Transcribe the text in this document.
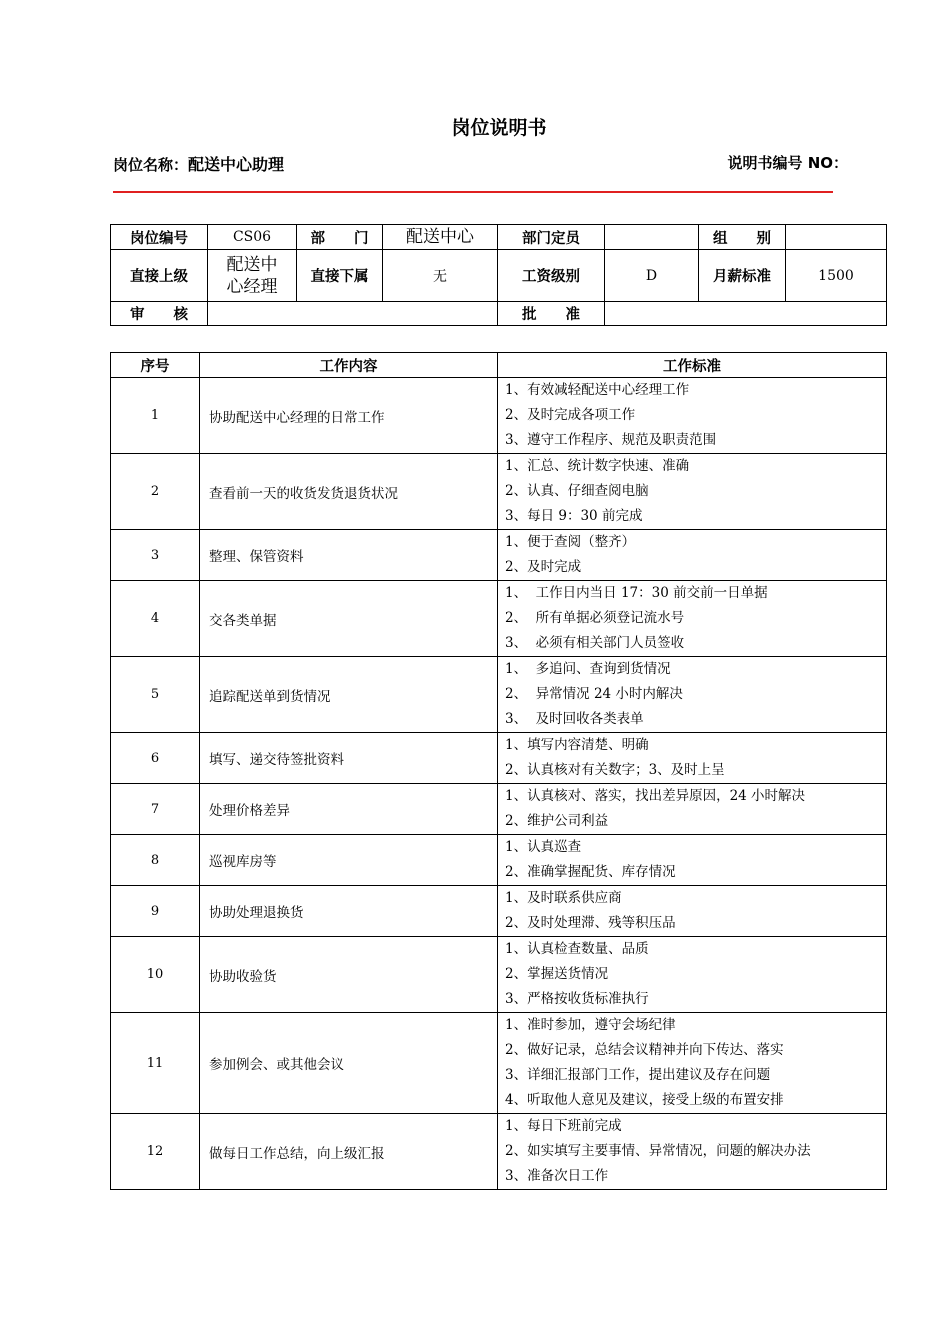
岗位说明书
岗位名称：配送中心助理	说明书编号 NO：
岗位编号	CS06	部　　门	配送中心	部门定员		组　　别	
直接上级	配送中
心经理	直接下属	无	工资级别	D	月薪标准	1500
审　　核				批　　准			
序号	工作内容	工作标准
1	协助配送中心经理的日常工作	1、有效减轻配送中心经理工作
2、及时完成各项工作
3、遵守工作程序、规范及职责范围

2	查看前一天的收货发货退货状况	1、汇总、统计数字快速、准确
2、认真、仔细查阅电脑
3、每日 9：30 前完成

3	整理、保管资料	1、便于查阅（整齐）
2、及时完成

4	交各类单据	1、  工作日内当日 17：30 前交前一日单据
2、  所有单据必须登记流水号
3、  必须有相关部门人员签收

5	追踪配送单到货情况	1、  多追问、查询到货情况
2、  异常情况 24 小时内解决
3、  及时回收各类表单

6	填写、递交待签批资料	1、填写内容清楚、明确
2、认真核对有关数字；3、及时上呈

7	处理价格差异	1、认真核对、落实，找出差异原因，24 小时解决
2、维护公司利益

8	巡视库房等	1、认真巡查
2、准确掌握配货、库存情况

9	协助处理退换货	1、及时联系供应商
2、及时处理滞、残等积压品

10	协助收验货	1、认真检查数量、品质
2、掌握送货情况
3、严格按收货标准执行

11	参加例会、或其他会议	1、准时参加，遵守会场纪律
2、做好记录，总结会议精神并向下传达、落实
3、详细汇报部门工作，提出建议及存在问题
4、听取他人意见及建议，接受上级的布置安排

12	做每日工作总结，向上级汇报	1、每日下班前完成
2、如实填写主要事情、异常情况，问题的解决办法
3、准备次日工作
